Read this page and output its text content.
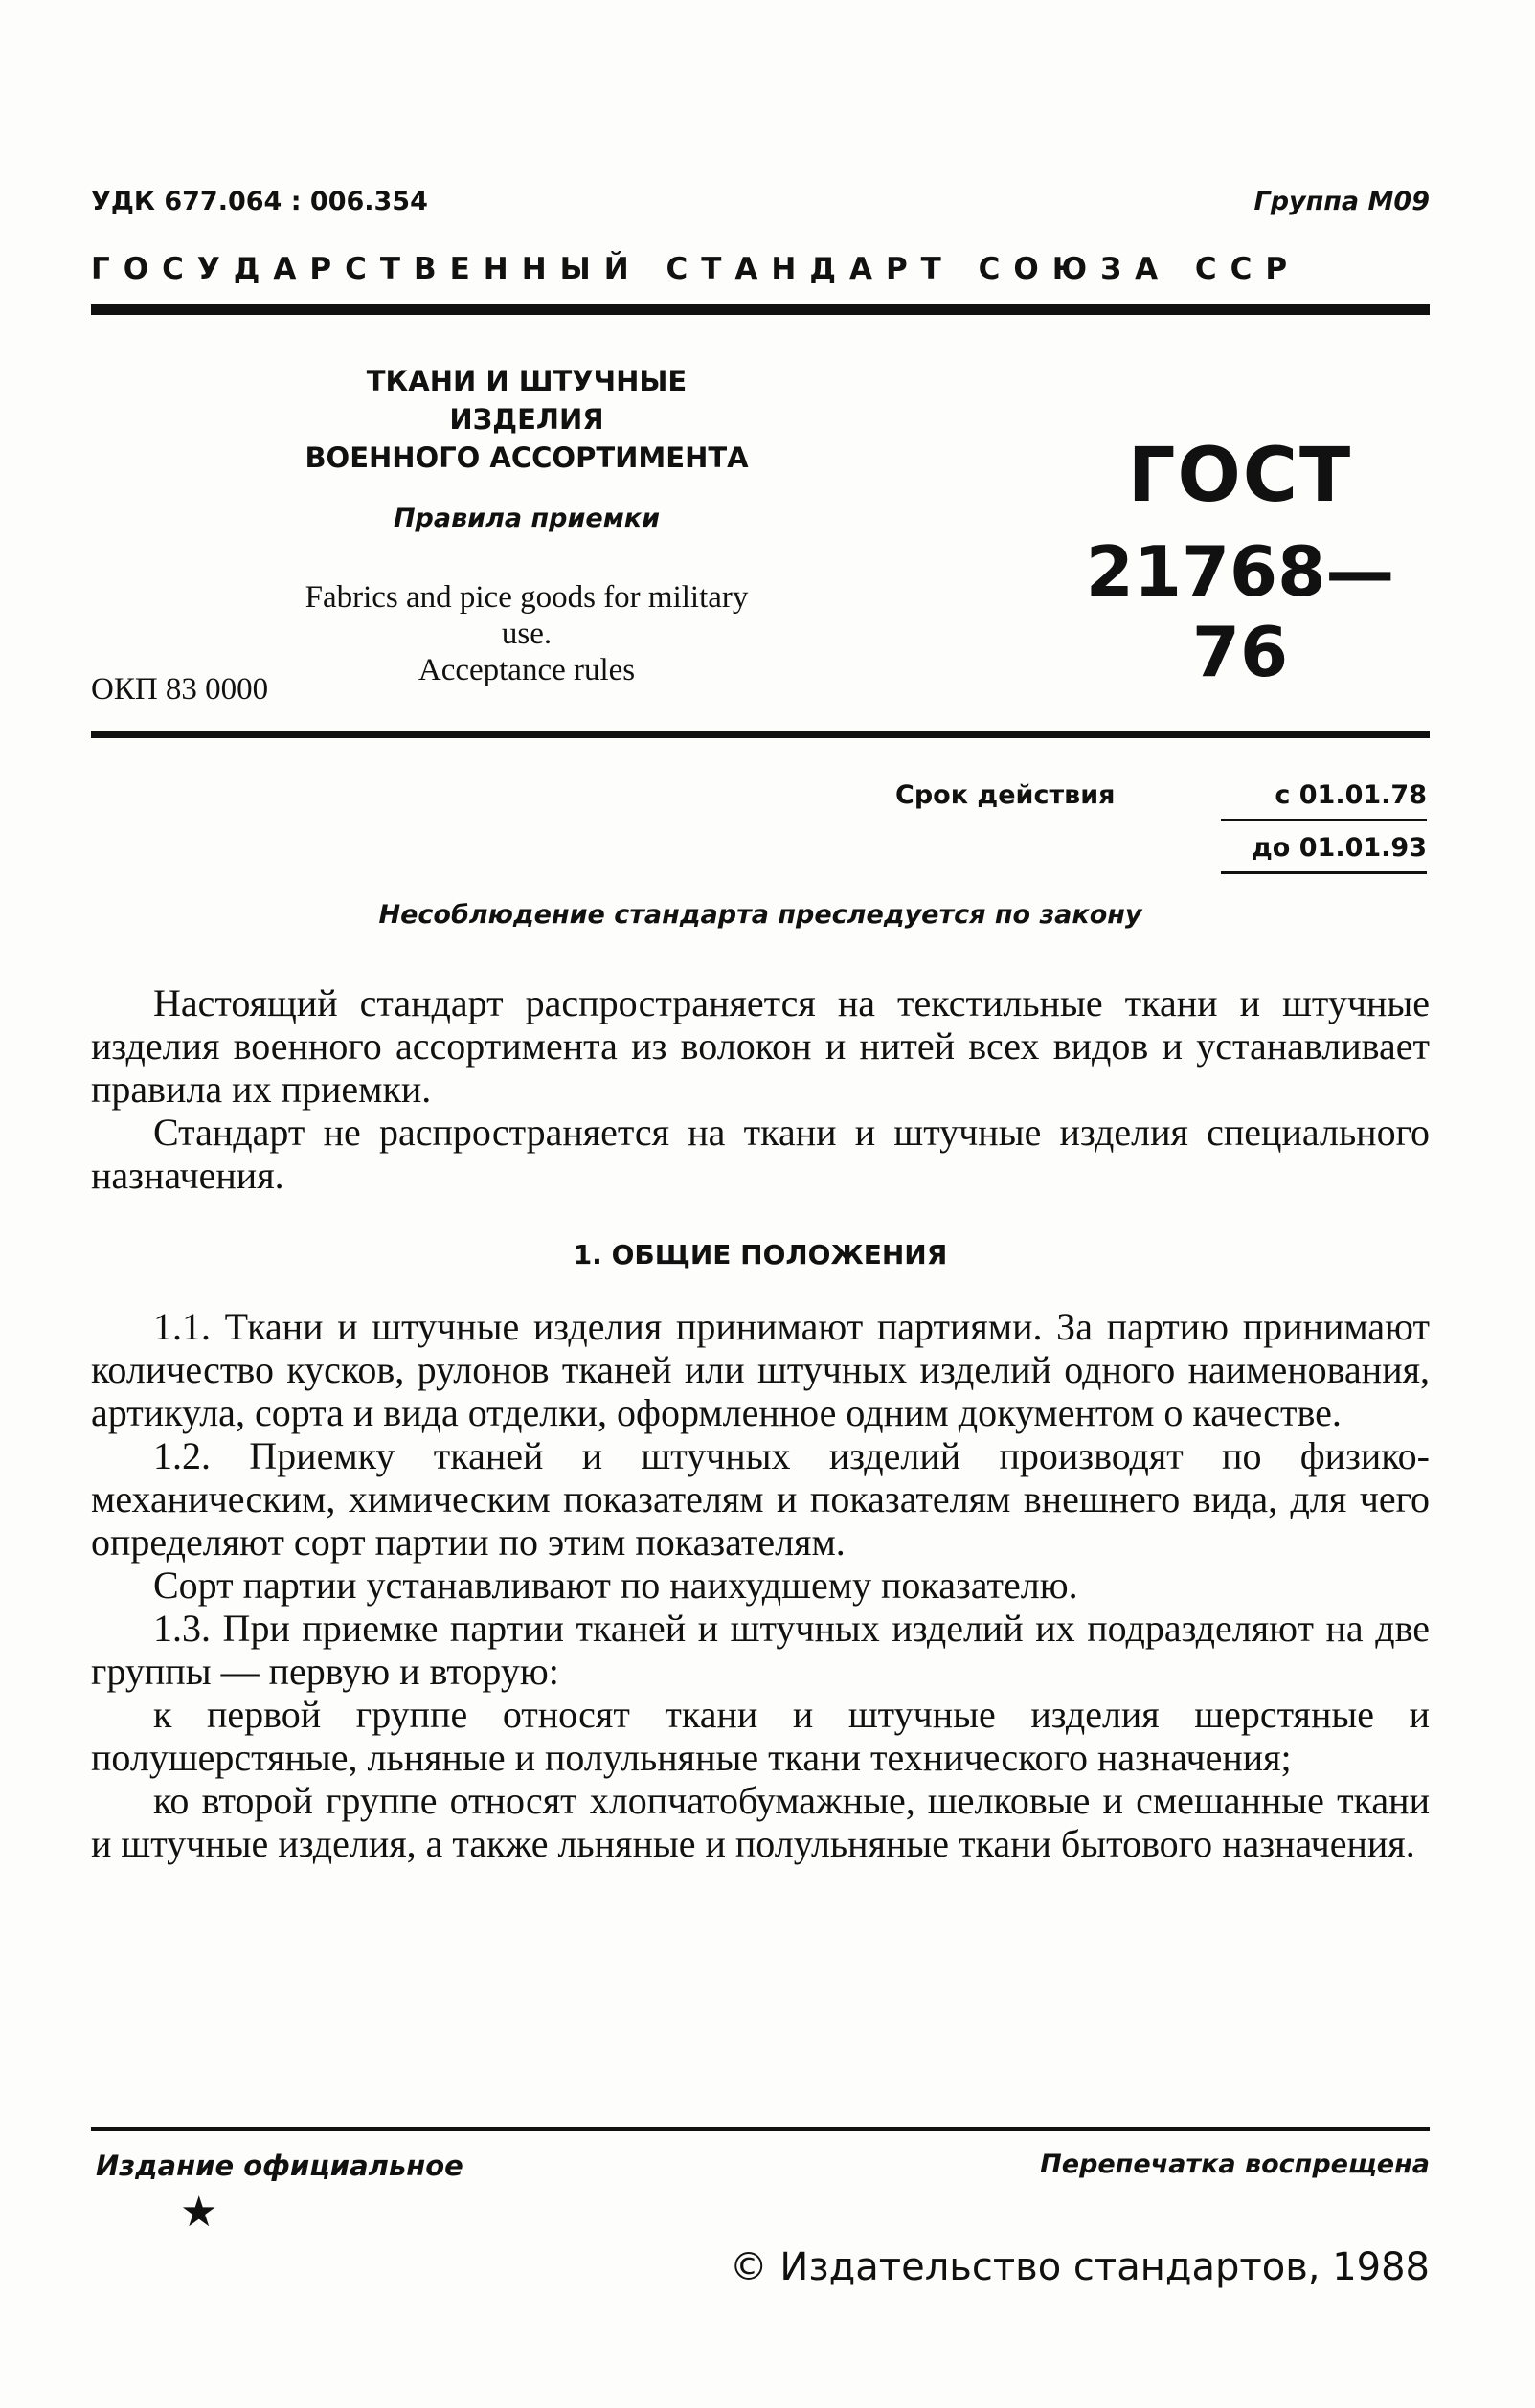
УДК 677.064 : 006.354	Группа М09
ГОСУДАРСТВЕННЫЙ СТАНДАРТ СОЮЗА ССР
ТКАНИ И ШТУЧНЫЕ ИЗДЕЛИЯ
ВОЕННОГО АССОРТИМЕНТА
Правила приемки
Fabrics and pice goods for military use.
Acceptance rules
ГОСТ
21768—76
ОКП 83 0000
Срок действия	с 01.01.78
до 01.01.93
Несоблюдение стандарта преследуется по закону

Настоящий стандарт распространяется на текстильные ткани и штучные изделия военного ассортимента из волокон и нитей всех видов и устанавливает правила их приемки.

Стандарт не распространяется на ткани и штучные изделия специального назначения.

1. ОБЩИЕ ПОЛОЖЕНИЯ

1.1. Ткани и штучные изделия принимают партиями. За партию принимают количество кусков, рулонов тканей или штучных изделий одного наименования, артикула, сорта и вида отделки, оформленное одним документом о качестве.

1.2. Приемку тканей и штучных изделий производят по физико-механическим, химическим показателям и показателям внешнего вида, для чего определяют сорт партии по этим показателям.

Сорт партии устанавливают по наихудшему показателю.

1.3. При приемке партии тканей и штучных изделий их подразделяют на две группы — первую и вторую:

к первой группе относят ткани и штучные изделия шерстяные и полушерстяные, льняные и полульняные ткани технического назначения;

ко второй группе относят хлопчатобумажные, шелковые и смешанные ткани и штучные изделия, а также льняные и полульняные ткани бытового назначения.

Издание официальное	Перепечатка воспрещена
★
© Издательство стандартов, 1988
